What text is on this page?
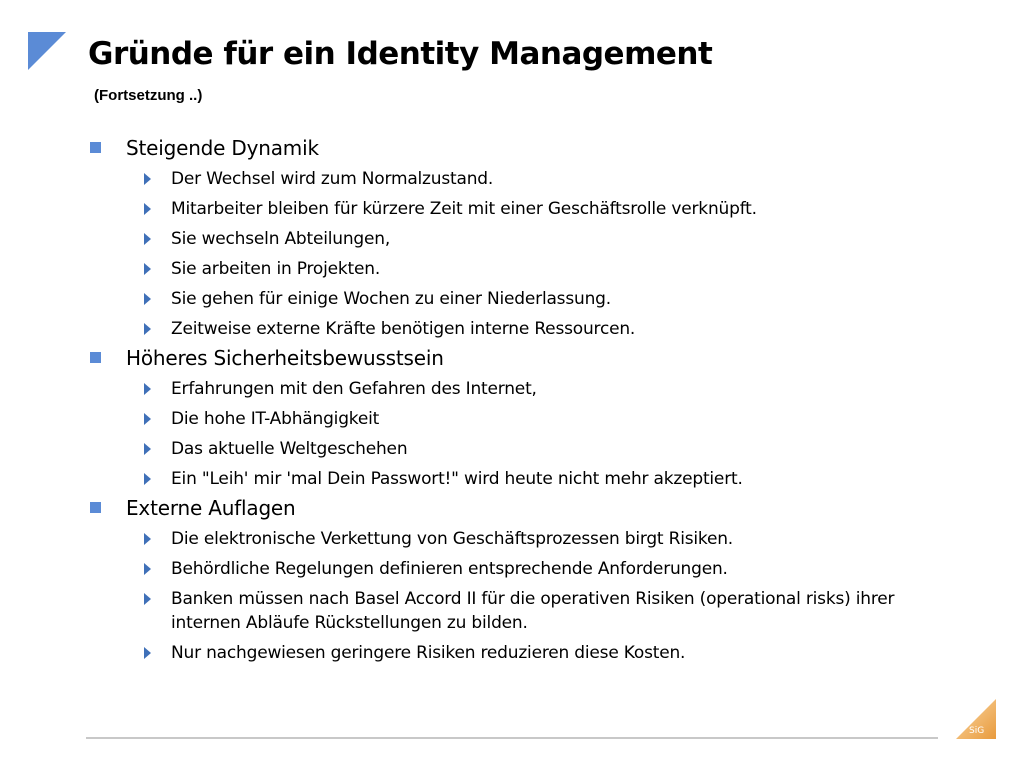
Gründe für ein Identity Management
(Fortsetzung ..)
Steigende Dynamik
Der Wechsel wird zum Normalzustand.
Mitarbeiter bleiben für kürzere Zeit mit einer Geschäftsrolle verknüpft.
Sie wechseln Abteilungen,
Sie arbeiten in Projekten.
Sie gehen für einige Wochen zu einer Niederlassung.
Zeitweise externe Kräfte benötigen interne Ressourcen.
Höheres Sicherheitsbewusstsein
Erfahrungen mit den Gefahren des Internet,
Die hohe IT-Abhängigkeit
Das aktuelle Weltgeschehen
Ein "Leih' mir 'mal Dein Passwort!" wird heute nicht mehr akzeptiert.
Externe Auflagen
Die elektronische Verkettung von Geschäftsprozessen birgt Risiken.
Behördliche Regelungen definieren entsprechende Anforderungen.
Banken müssen nach Basel Accord II für die operativen Risiken (operational risks) ihrer internen Abläufe Rückstellungen zu bilden.
Nur nachgewiesen geringere Risiken reduzieren diese Kosten.
SiG
